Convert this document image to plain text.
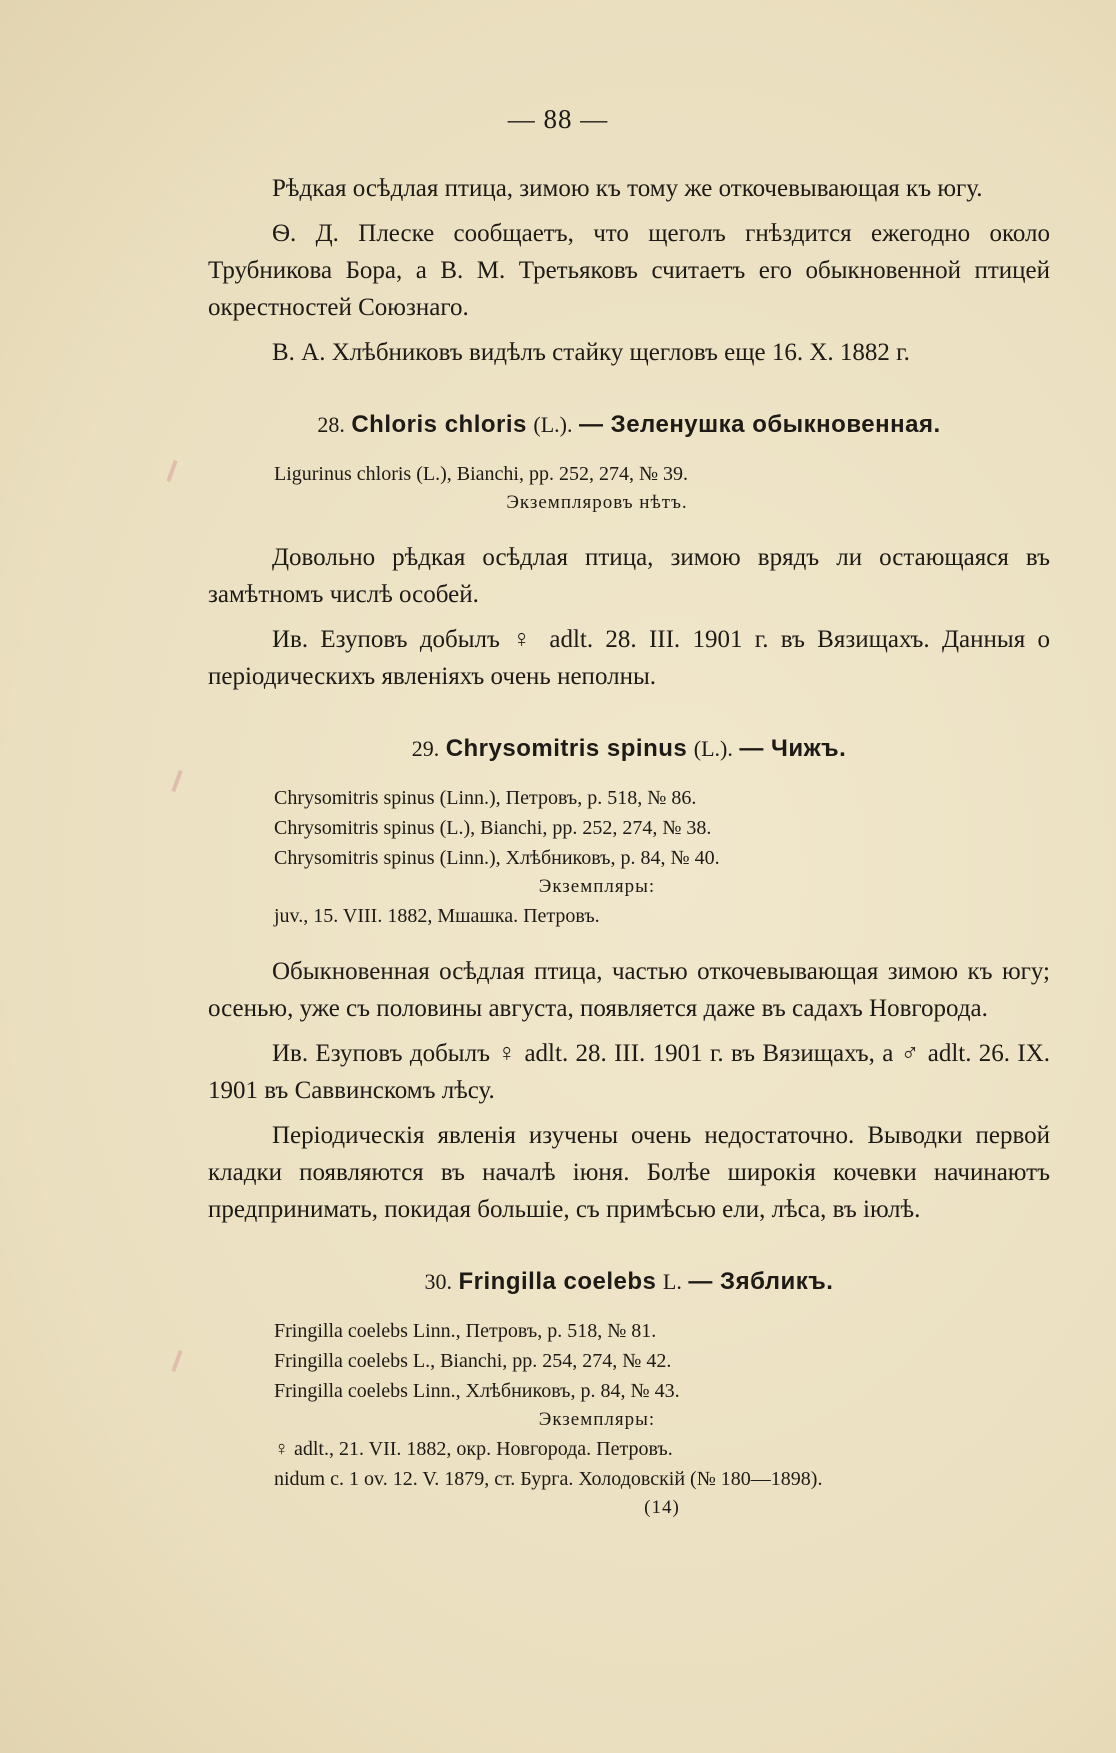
— 88 —

Рѣдкая осѣдлая птица, зимою къ тому же откочевывающая къ югу.

Ѳ. Д. Плеске сообщаетъ, что щеголъ гнѣздится ежегодно около Трубникова Бора, а В. М. Третьяковъ считаетъ его обыкновенной птицей окрестностей Союзнаго.

В. А. Хлѣбниковъ видѣлъ стайку щегловъ еще 16. X. 1882 г.

28. Chloris chloris (L.). — Зеленушка обыкновенная.
Ligurinus chloris (L.), Bianchi, pp. 252, 274, № 39.
Экземпляровъ нѣтъ.

Довольно рѣдкая осѣдлая птица, зимою врядъ ли остающаяся въ замѣтномъ числѣ особей.

Ив. Езуповъ добылъ ♀ adlt. 28. III. 1901 г. въ Вязищахъ. Данныя о періодическихъ явленіяхъ очень неполны.

29. Chrysomitris spinus (L.). — Чижъ.
Chrysomitris spinus (Linn.), Петровъ, p. 518, № 86.
Chrysomitris spinus (L.), Bianchi, pp. 252, 274, № 38.
Chrysomitris spinus (Linn.), Хлѣбниковъ, p. 84, № 40.
Экземпляры:
juv., 15. VIII. 1882, Мшашка. Петровъ.

Обыкновенная осѣдлая птица, частью откочевывающая зимою къ югу; осенью, уже съ половины августа, появляется даже въ садахъ Новгорода.

Ив. Езуповъ добылъ ♀ adlt. 28. III. 1901 г. въ Вязищахъ, а ♂ adlt. 26. IX. 1901 въ Саввинскомъ лѣсу.

Періодическія явленія изучены очень недостаточно. Выводки первой кладки появляются въ началѣ іюня. Болѣе широкія кочевки начинаютъ предпринимать, покидая большіе, съ примѣсью ели, лѣса, въ іюлѣ.

30. Fringilla coelebs L. — Зябликъ.
Fringilla coelebs Linn., Петровъ, p. 518, № 81.
Fringilla coelebs L., Bianchi, pp. 254, 274, № 42.
Fringilla coelebs Linn., Хлѣбниковъ, p. 84, № 43.
Экземпляры:
♀ adlt., 21. VII. 1882, окр. Новгорода. Петровъ.
nidum c. 1 ov. 12. V. 1879, ст. Бурга. Холодовскій (№ 180—1898).
(14)
